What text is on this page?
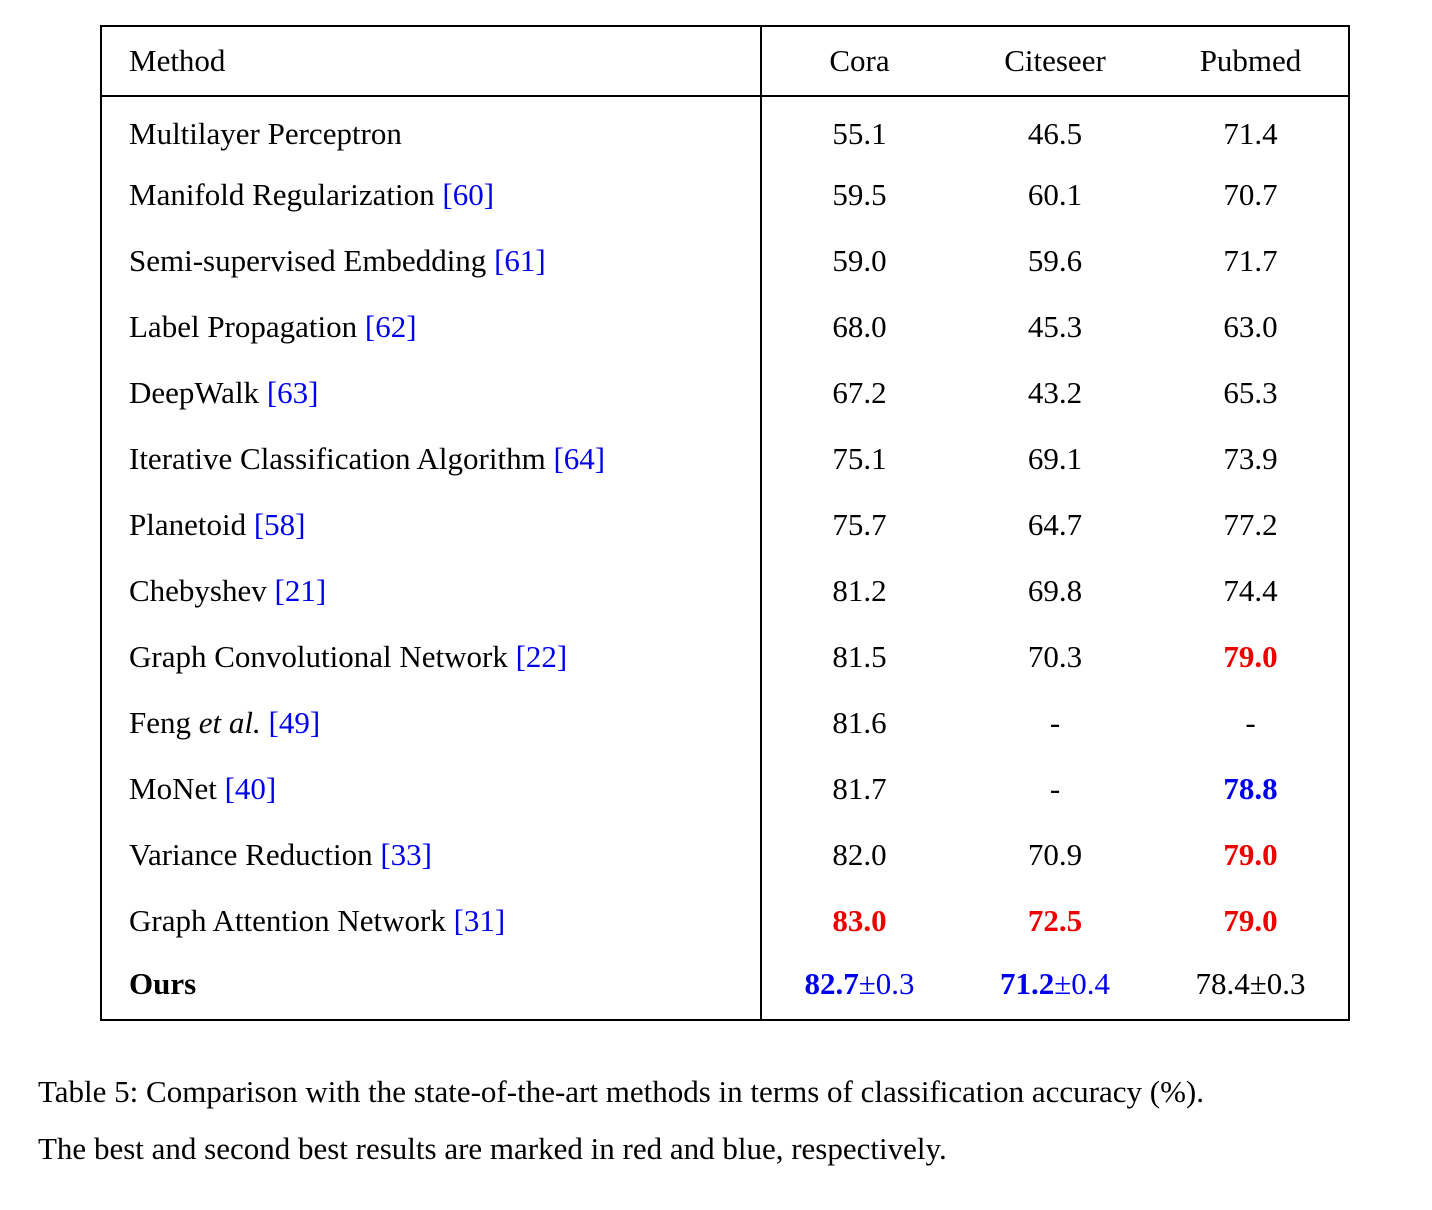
Method	Cora	Citeseer	Pubmed
Multilayer Perceptron	55.1	46.5	71.4
Manifold Regularization [60]	59.5	60.1	70.7
Semi-supervised Embedding [61]	59.0	59.6	71.7
Label Propagation [62]	68.0	45.3	63.0
DeepWalk [63]	67.2	43.2	65.3
Iterative Classification Algorithm [64]	75.1	69.1	73.9
Planetoid [58]	75.7	64.7	77.2
Chebyshev [21]	81.2	69.8	74.4
Graph Convolutional Network [22]	81.5	70.3	79.0
Feng et al. [49]	81.6	-	-
MoNet [40]	81.7	-	78.8
Variance Reduction [33]	82.0	70.9	79.0
Graph Attention Network [31]	83.0	72.5	79.0
Ours	82.7±0.3	71.2±0.4	78.4±0.3
Table 5: Comparison with the state-of-the-art methods in terms of classification accuracy (%).
The best and second best results are marked in red and blue, respectively.
